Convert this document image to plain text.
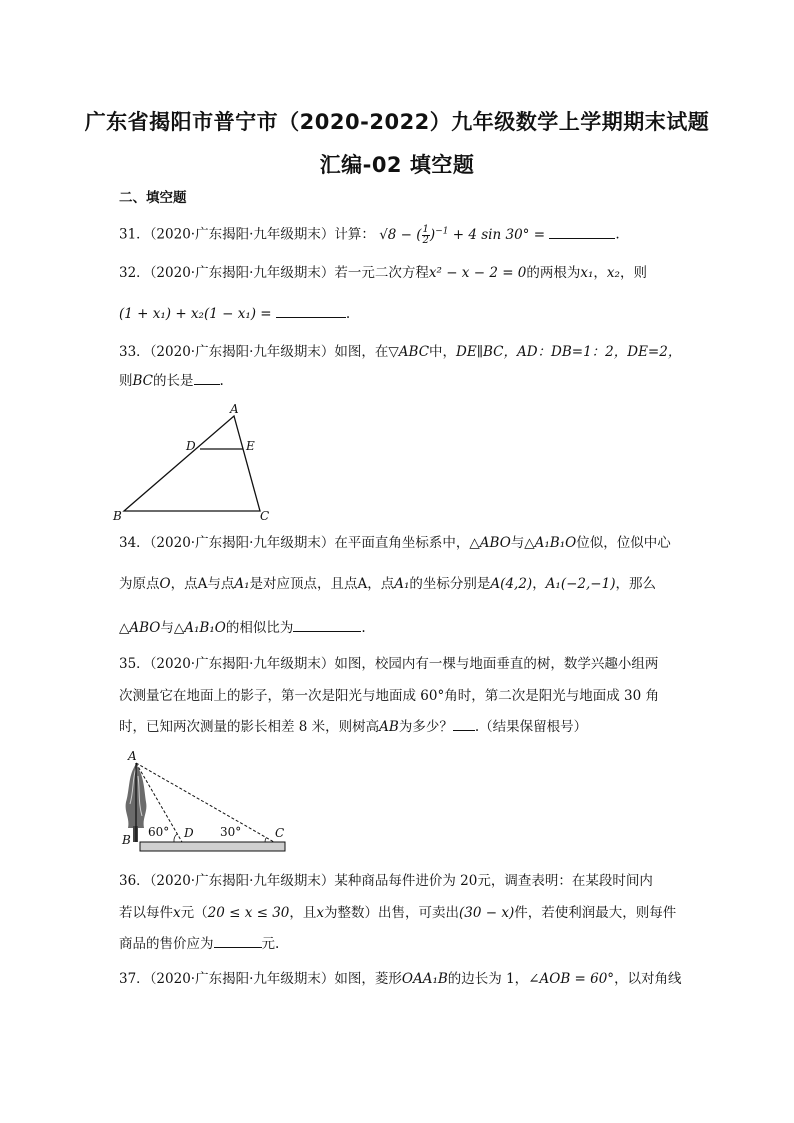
广东省揭阳市普宁市（2020-2022）九年级数学上学期期末试题
汇编-02 填空题
二、填空题
31．（2020·广东揭阳·九年级期末）计算： √8 − ( $\frac{1}{2} )^{-1} + 4$ sin 30° =	.
32．（2020·广东揭阳·九年级期末）若一元二次方程x² − x − 2 = 0的两根为x₁，x₂，则
(1 + x₁) + x₂(1 − x₁) =	.
33．（2020·广东揭阳·九年级期末）如图，在▽ABC中，DE∥BC，AD：DB=1：2，DE=2，
则BC的长是 .
A
D	E
B	C
34．（2020·广东揭阳·九年级期末）在平面直角坐标系中，△ABO与△A₁B₁O位似，位似中心
为原点O，点A与点A₁是对应顶点，且点A，点A₁的坐标分别是A(4,2)，A₁(−2,−1)，那么
△ABO与△A₁B₁O的相似比为	.
35．（2020·广东揭阳·九年级期末）如图，校园内有一棵与地面垂直的树，数学兴趣小组两
次测量它在地面上的影子，第一次是阳光与地面成 60°角时，第二次是阳光与地面成 30 角
时，已知两次测量的影长相差 8 米，则树高AB为多少？ .（结果保留根号）
A
B	D	C
60°	30°
36．（2020·广东揭阳·九年级期末）某种商品每件进价为 20元，调查表明：在某段时间内
若以每件x元（20 ≤ x ≤ 30，且x为整数）出售，可卖出(30 − x)件，若使利润最大，则每件
商品的售价应为	元.
37．（2020·广东揭阳·九年级期末）如图，菱形OAA₁B的边长为 1，∠AOB = 60°，以对角线
